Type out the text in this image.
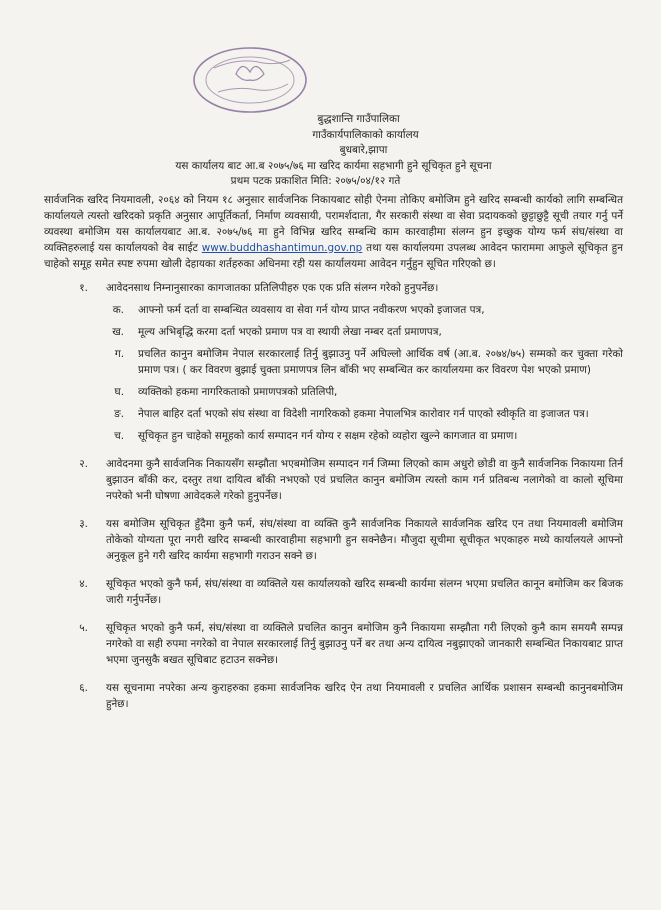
बुद्धशान्ति गाउँपालिका
गाउँकार्यपालिकाको कार्यालय
बुधबारे,झापा
यस कार्यालय बाट आ.ब २०७५/७६ मा खरिद कार्यमा सहभागी हुने सूचिकृत हुने सूचना
प्रथम पटक प्रकाशित मिति: २०७५/०४/१२ गते

सार्वजनिक खरिद नियमावली, २०६४ को नियम १८ अनुसार सार्वजनिक निकायबाट सोही ऐनमा तोकिए बमोजिम हुने खरिद सम्बन्धी कार्यको लागि सम्बन्धित कार्यालयले त्यस्तो खरिदको प्रकृति अनुसार आपूर्तिकर्ता, निर्माण व्यवसायी, परामर्शदाता, गैर सरकारी संस्था वा सेवा प्रदायकको छुट्टाछुट्टै सूची तयार गर्नु पर्ने व्यवस्था बमोजिम यस कार्यालयबाट आ.ब. २०७५/७६ मा हुने विभिन्न खरिद सम्बन्धि काम कारवाहीमा संलग्न हुन इच्छुक योग्य फर्म संघ/संस्था वा व्यक्तिहरुलाई यस कार्यालयको वेब साईट www.buddhashantimun.gov.np तथा यस कार्यालयमा उपलब्ध आवेदन फाराममा आफुले सूचिकृत हुन चाहेको समूह समेत स्पष्ट रुपमा खोली देहायका शर्तहरुका अधिनमा रही यस कार्यालयमा आवेदन गर्नुहुन सूचित गरिएको छ।

१.	आवेदनसाथ निम्नानुसारका कागजातका प्रतिलिपीहरु एक एक प्रति संलग्न गरेको हुनुपर्नेछ।
क.	आफ्नो फर्म दर्ता वा सम्बन्धित व्यवसाय वा सेवा गर्न योग्य प्राप्त नवीकरण भएको इजाजत पत्र,
ख.	मूल्य अभिबृद्धि करमा दर्ता भएको प्रमाण पत्र वा स्थायी लेखा नम्बर दर्ता प्रमाणपत्र,
ग.	प्रचलित कानुन बमोजिम नेपाल सरकारलाई तिर्नु बुझाउनु पर्ने अघिल्लो आर्थिक वर्ष (आ.ब. २०७४/७५) सम्मको कर चुक्ता गरेको प्रमाण पत्र। ( कर विवरण बुझाई चुक्ता प्रमाणपत्र लिन बाँकी भए सम्बन्धित कर कार्यालयमा कर विवरण पेश भएको प्रमाण)
घ.	व्यक्तिको हकमा नागरिकताको प्रमाणपत्रको प्रतिलिपी,
ङ.	नेपाल बाहिर दर्ता भएको संघ संस्था वा विदेशी नागरिकको हकमा नेपालभित्र कारोवार गर्न पाएको स्वीकृति वा इजाजत पत्र।
च.	सूचिकृत हुन चाहेको समूहको कार्य सम्पादन गर्न योग्य र सक्षम रहेको व्यहोरा खुल्ने कागजात वा प्रमाण।
२.	आवेदनमा कुनै सार्वजनिक निकायसँग सम्झौता भएबमोजिम सम्पादन गर्न जिम्मा लिएको काम अधुरो छोडी वा कुनै सार्वजनिक निकायमा तिर्न बुझाउन बाँकी कर, दस्तुर तथा दायित्व बाँकी नभएको एवं प्रचलित कानुन बमोजिम त्यस्तो काम गर्न प्रतिबन्ध नलागेको वा कालो सूचिमा नपरेको भनी घोषणा आवेदकले गरेको हुनुपर्नेछ।
३.	यस बमोजिम सूचिकृत हुँदैमा कुनै फर्म, संघ/संस्था वा व्यक्ति कुनै सार्वजनिक निकायले सार्वजनिक खरिद एन तथा नियमावली बमोजिम तोकेको योग्यता पूरा नगरी खरिद सम्बन्धी कारवाहीमा सहभागी हुन सक्नेछैन। मौजुदा सूचीमा सूचीकृत भएकाहरु मध्ये कार्यालयले आफ्नो अनुकूल हुने गरी खरिद कार्यमा सहभागी गराउन सक्ने छ।
४.	सूचिकृत भएको कुनै फर्म, संघ/संस्था वा व्यक्तिले यस कार्यालयको खरिद सम्बन्धी कार्यमा संलग्न भएमा प्रचलित कानून बमोजिम कर बिजक जारी गर्नुपर्नेछ।
५.	सूचिकृत भएको कुनै फर्म, संघ/संस्था वा व्यक्तिले प्रचलित कानुन बमोजिम कुनै निकायमा सम्झौता गरी लिएको कुनै काम समयमै सम्पन्न नगरेको वा सही रुपमा नगरेको वा नेपाल सरकारलाई तिर्नु बुझाउनु पर्ने बर तथा अन्य दायित्व नबुझाएको जानकारी सम्बन्धित निकायबाट प्राप्त भएमा जुनसुकै बखत सूचिबाट हटाउन सक्नेछ।
६.	यस सूचनामा नपरेका अन्य कुराहरुका हकमा सार्वजनिक खरिद ऐन तथा नियमावली र प्रचलित आर्थिक प्रशासन सम्बन्धी कानुनबमोजिम हुनेछ।
